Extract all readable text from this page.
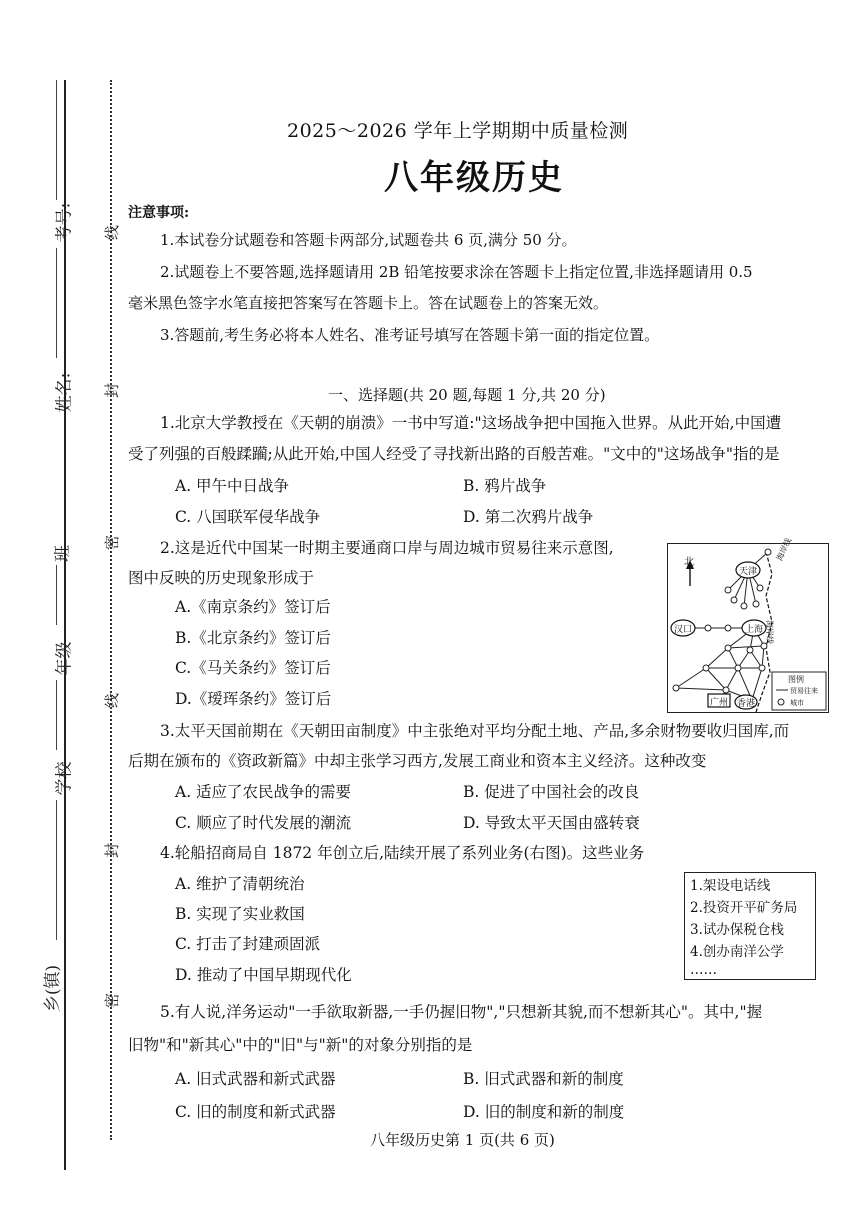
考号:
姓名:
班
年级
学校
乡(镇)
线
封
密
线
封
密
2025～2026 学年上学期期中质量检测
八年级历史
注意事项:
1.本试卷分试题卷和答题卡两部分,试题卷共 6 页,满分 50 分。
2.试题卷上不要答题,选择题请用 2B 铅笔按要求涂在答题卡上指定位置,非选择题请用 0.5
毫米黑色签字水笔直接把答案写在答题卡上。答在试题卷上的答案无效。
3.答题前,考生务必将本人姓名、准考证号填写在答题卡第一面的指定位置。
一、选择题(共 20 题,每题 1 分,共 20 分)
1.北京大学教授在《天朝的崩溃》一书中写道:"这场战争把中国拖入世界。从此开始,中国遭
受了列强的百般蹂躏;从此开始,中国人经受了寻找新出路的百般苦难。"文中的"这场战争"指的是
A. 甲午中日战争	B. 鸦片战争
C. 八国联军侵华战争	D. 第二次鸦片战争
2.这是近代中国某一时期主要通商口岸与周边城市贸易往来示意图,
图中反映的历史现象形成于
A.《南京条约》签订后
B.《北京条约》签订后
C.《马关条约》签订后
D.《瑷珲条约》签订后
北
天津
汉口	上海
广州 香港
海岸线
海岸线
图例
贸易往来
城市
3.太平天国前期在《天朝田亩制度》中主张绝对平均分配土地、产品,多余财物要收归国库,而
后期在颁布的《资政新篇》中却主张学习西方,发展工商业和资本主义经济。这种改变
A. 适应了农民战争的需要	B. 促进了中国社会的改良
C. 顺应了时代发展的潮流	D. 导致太平天国由盛转衰
4.轮船招商局自 1872 年创立后,陆续开展了系列业务(右图)。这些业务
A. 维护了清朝统治
B. 实现了实业救国
C. 打击了封建顽固派
D. 推动了中国早期现代化
1.架设电话线
2.投资开平矿务局
3.试办保税仓栈
4.创办南洋公学
……
5.有人说,洋务运动"一手欲取新器,一手仍握旧物","只想新其貌,而不想新其心"。其中,"握
旧物"和"新其心"中的"旧"与"新"的对象分别指的是
A. 旧式武器和新式武器	B. 旧式武器和新的制度
C. 旧的制度和新式武器	D. 旧的制度和新的制度
八年级历史第 1 页(共 6 页)
